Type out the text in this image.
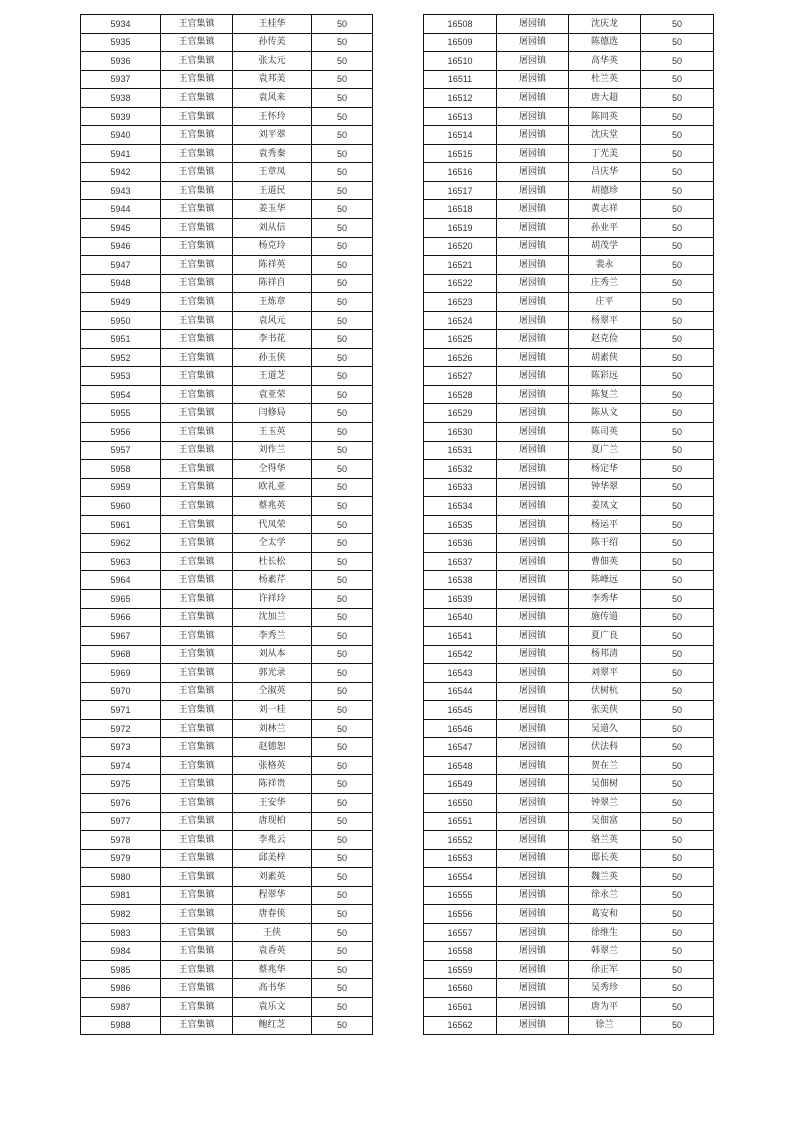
5934	王官集镇	王桂华	50
5935	王官集镇	孙传美	50
5936	王官集镇	张太元	50
5937	王官集镇	袁邦美	50
5938	王官集镇	袁风来	50
5939	王官集镇	王怀玲	50
5940	王官集镇	刘平翠	50
5941	王官集镇	袁秀秦	50
5942	王官集镇	王章凤	50
5943	王官集镇	王道民	50
5944	王官集镇	姜玉华	50
5945	王官集镇	刘从信	50
5946	王官集镇	杨克玲	50
5947	王官集镇	陈祥英	50
5948	王官集镇	陈祥自	50
5949	王官集镇	王炼章	50
5950	王官集镇	袁风元	50
5951	王官集镇	李书花	50
5952	王官集镇	孙玉侠	50
5953	王官集镇	王道芝	50
5954	王官集镇	袁亚荣	50
5955	王官集镇	闫修局	50
5956	王官集镇	王玉英	50
5957	王官集镇	刘作兰	50
5958	王官集镇	仝得华	50
5959	王官集镇	欧礼亚	50
5960	王官集镇	蔡兆英	50
5961	王官集镇	代凤荣	50
5962	王官集镇	仝太学	50
5963	王官集镇	杜长松	50
5964	王官集镇	杨素芹	50
5965	王官集镇	许祥玲	50
5966	王官集镇	沈加兰	50
5967	王官集镇	李秀兰	50
5968	王官集镇	刘从本	50
5969	王官集镇	郭光录	50
5970	王官集镇	仝淑英	50
5971	王官集镇	刘一桂	50
5972	王官集镇	刘林兰	50
5973	王官集镇	赵德恕	50
5974	王官集镇	张格英	50
5975	王官集镇	陈祥贵	50
5976	王官集镇	王安华	50
5977	王官集镇	唐现柏	50
5978	王官集镇	李兆云	50
5979	王官集镇	邱美梓	50
5980	王官集镇	刘素英	50
5981	王官集镇	程翠华	50
5982	王官集镇	唐春侠	50
5983	王官集镇	王侠	50
5984	王官集镇	袁香英	50
5985	王官集镇	蔡兆华	50
5986	王官集镇	高书华	50
5987	王官集镇	袁乐文	50
5988	王官集镇	鲍红芝	50
16508	屠园镇	沈庆龙	50
16509	屠园镇	陈德选	50
16510	屠园镇	高华英	50
16511	屠园镇	杜兰英	50
16512	屠园镇	唐大超	50
16513	屠园镇	陈同英	50
16514	屠园镇	沈庆堂	50
16515	屠园镇	丁光美	50
16516	屠园镇	吕庆华	50
16517	屠园镇	胡德珍	50
16518	屠园镇	黄志祥	50
16519	屠园镇	孙业平	50
16520	屠园镇	胡茂学	50
16521	屠园镇	裴永	50
16522	屠园镇	庄秀兰	50
16523	屠园镇	庄平	50
16524	屠园镇	杨翠平	50
16525	屠园镇	赵克俭	50
16526	屠园镇	胡素侠	50
16527	屠园镇	陈彩远	50
16528	屠园镇	陈复兰	50
16529	屠园镇	陈从文	50
16530	屠园镇	陈司英	50
16531	屠园镇	夏广兰	50
16532	屠园镇	杨定华	50
16533	屠园镇	钟华翠	50
16534	屠园镇	姜凤文	50
16535	屠园镇	杨运平	50
16536	屠园镇	陈干绍	50
16537	屠园镇	曹佃英	50
16538	屠园镇	陈峰远	50
16539	屠园镇	李秀华	50
16540	屠园镇	施传道	50
16541	屠园镇	夏广良	50
16542	屠园镇	杨邦清	50
16543	屠园镇	刘翠平	50
16544	屠园镇	伏树杭	50
16545	屠园镇	张美侠	50
16546	屠园镇	吴道久	50
16547	屠园镇	伏法科	50
16548	屠园镇	贺在兰	50
16549	屠园镇	吴佃树	50
16550	屠园镇	钟翠兰	50
16551	屠园镇	吴佃富	50
16552	屠园镇	骆兰英	50
16553	屠园镇	邸长英	50
16554	屠园镇	魏兰英	50
16555	屠园镇	徐永兰	50
16556	屠园镇	葛安和	50
16557	屠园镇	徐维生	50
16558	屠园镇	韩翠兰	50
16559	屠园镇	徐正军	50
16560	屠园镇	吴秀珍	50
16561	屠园镇	唐为平	50
16562	屠园镇	徐兰	50
